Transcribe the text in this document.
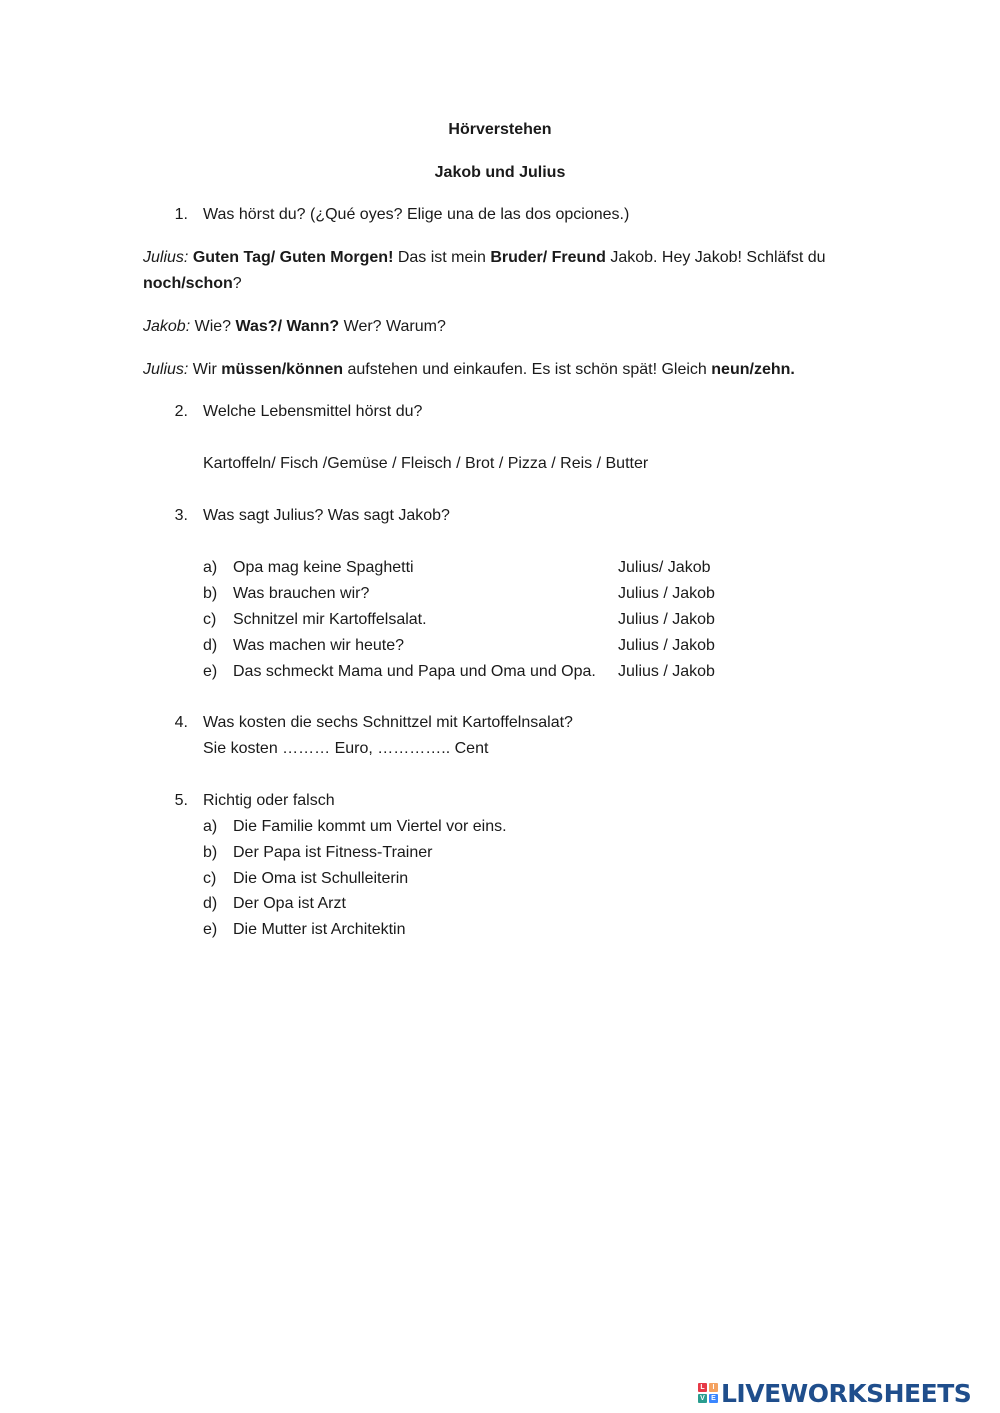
Hörverstehen
Jakob und Julius
1. Was hörst du? (¿Qué oyes? Elige una de las dos opciones.)
Julius: Guten Tag/ Guten Morgen! Das ist mein Bruder/ Freund Jakob. Hey Jakob! Schläfst du
noch/schon?
Jakob: Wie? Was?/ Wann? Wer? Warum?
Julius: Wir müssen/können aufstehen und einkaufen. Es ist schön spät! Gleich neun/zehn.
2. Welche Lebensmittel hörst du?
Kartoffeln/ Fisch /Gemüse / Fleisch / Brot / Pizza / Reis / Butter
3. Was sagt Julius? Was sagt Jakob?
a) Opa mag keine Spaghetti	Julius/ Jakob
b) Was brauchen wir?	Julius / Jakob
c) Schnitzel mir Kartoffelsalat.	Julius / Jakob
d) Was machen wir heute?	Julius / Jakob
e) Das schmeckt Mama und Papa und Oma und Opa. Julius / Jakob
4. Was kosten die sechs Schnittzel mit Kartoffelnsalat?
Sie kosten ……… Euro, ………….. Cent
5. Richtig oder falsch
a) Die Familie kommt um Viertel vor eins.
b) Der Papa ist Fitness-Trainer
c) Die Oma ist Schulleiterin
d) Der Opa ist Arzt
e) Die Mutter ist Architektin
L	I
V E LIVEWORKSHEETS
